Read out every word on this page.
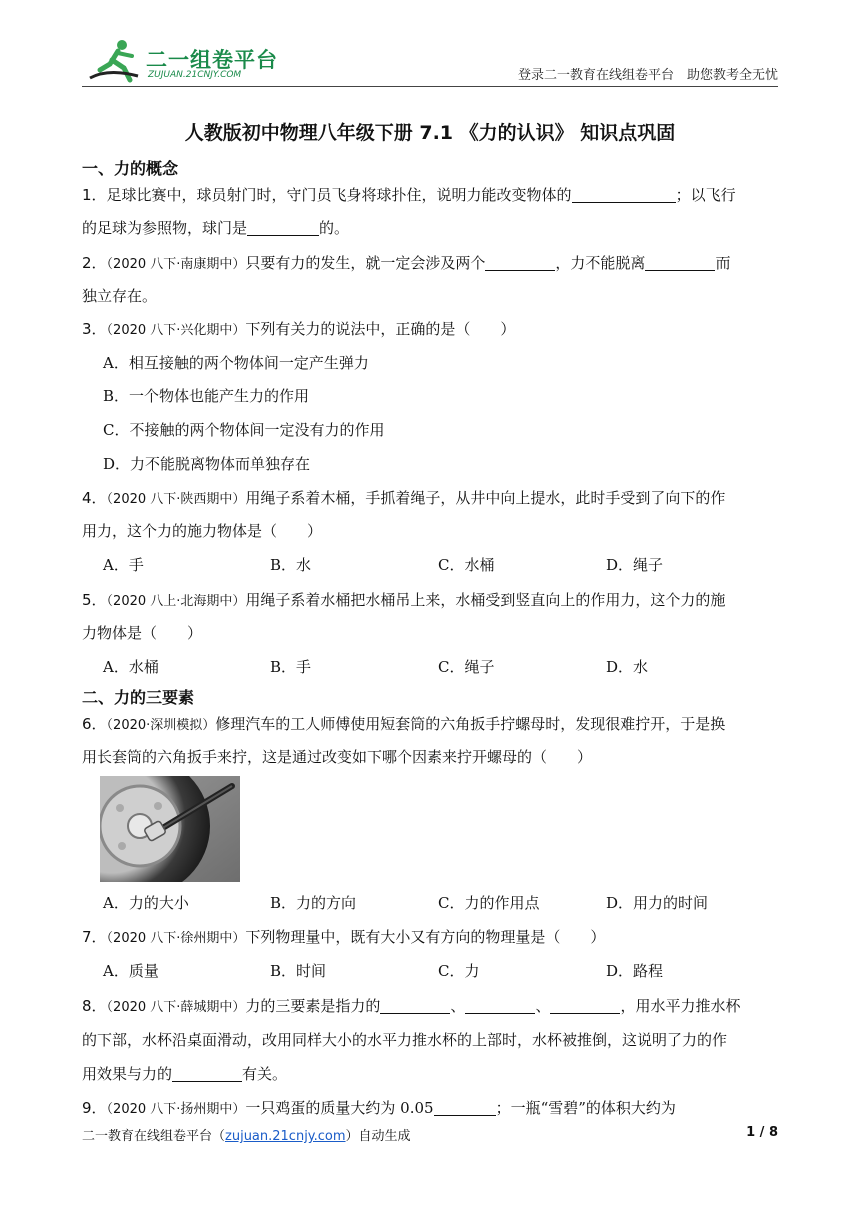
二一组卷平台
ZUJUAN.21CNJY.COM	登录二一教育在线组卷平台　助您教考全无忧
人教版初中物理八年级下册 7.1 《力的认识》 知识点巩固
一、力的概念
1．足球比赛中，球员射门时，守门员飞身将球扑住，说明力能改变物体的	；以飞行
的足球为参照物，球门是	的。
2．（2020 八下·南康期中）只要有力的发生，就一定会涉及两个	，力不能脱离	而
独立存在。
3．（2020 八下·兴化期中）下列有关力的说法中，正确的是（　　）
A．相互接触的两个物体间一定产生弹力
B．一个物体也能产生力的作用
C．不接触的两个物体间一定没有力的作用
D．力不能脱离物体而单独存在
4．（2020 八下·陕西期中）用绳子系着木桶，手抓着绳子，从井中向上提水，此时手受到了向下的作
用力，这个力的施力物体是（　　）
A．手	B．水	C．水桶	D．绳子
5．（2020 八上·北海期中）用绳子系着水桶把水桶吊上来，水桶受到竖直向上的作用力，这个力的施
力物体是（　　）
A．水桶	B．手	C．绳子	D．水
二、力的三要素
6．（2020·深圳模拟）修理汽车的工人师傅使用短套筒的六角扳手拧螺母时，发现很难拧开，于是换
用长套筒的六角扳手来拧，这是通过改变如下哪个因素来拧开螺母的（　　）
A．力的大小	B．力的方向	C．力的作用点	D．用力的时间
7．（2020 八下·徐州期中）下列物理量中，既有大小又有方向的物理量是（　　）
A．质量	B．时间	C．力	D．路程
8．（2020 八下·薛城期中）力的三要素是指力的	、	、	，用水平力推水杯
的下部，水杯沿桌面滑动，改用同样大小的水平力推水杯的上部时，水杯被推倒，这说明了力的作
用效果与力的	有关。
9．（2020 八下·扬州期中）一只鸡蛋的质量大约为 0.05	；一瓶“雪碧”的体积大约为
二一教育在线组卷平台（zujuan.21cnjy.com）自动生成	1 / 8
